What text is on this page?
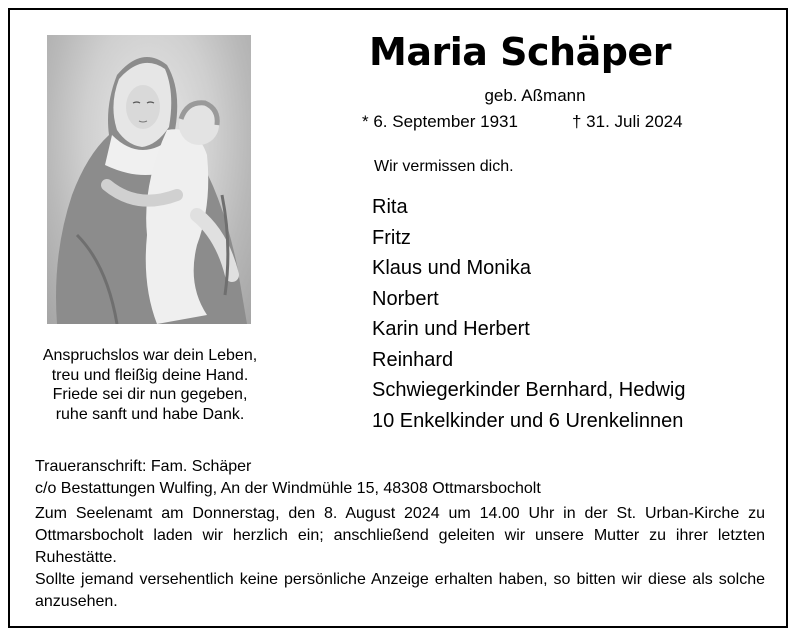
Maria Schäper
geb. Aßmann
* 6. September 1931	† 31. Juli 2024
Wir vermissen dich.
Rita
Fritz
Klaus und Monika
Norbert
Karin und Herbert
Reinhard
Schwiegerkinder Bernhard, Hedwig
10 Enkelkinder und 6 Urenkelinnen
Anspruchslos war dein Leben,
treu und fleißig deine Hand.
Friede sei dir nun gegeben,
ruhe sanft und habe Dank.
Traueranschrift: Fam. Schäper
c/o Bestattungen Wulfing, An der Windmühle 15, 48308 Ottmarsbocholt
Zum Seelenamt am Donnerstag, den 8. August 2024 um 14.00 Uhr in der St. Urban-Kirche zu Ottmarsbocholt laden wir herzlich ein; anschließend geleiten wir unsere Mutter zu ihrer letzten Ruhestätte.
Sollte jemand versehentlich keine persönliche Anzeige erhalten haben, so bitten wir diese als solche anzusehen.
